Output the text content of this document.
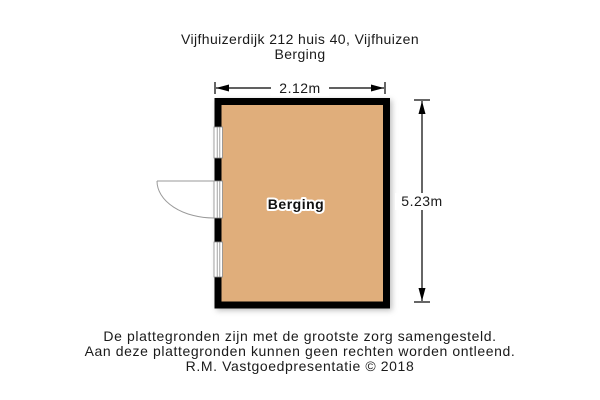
Vijfhuizerdijk 212 huis 40, Vijfhuizen
Berging
2.12m
5.23m
Berging
De plattegronden zijn met de grootste zorg samengesteld.
Aan deze plattegronden kunnen geen rechten worden ontleend.
R.M. Vastgoedpresentatie © 2018
